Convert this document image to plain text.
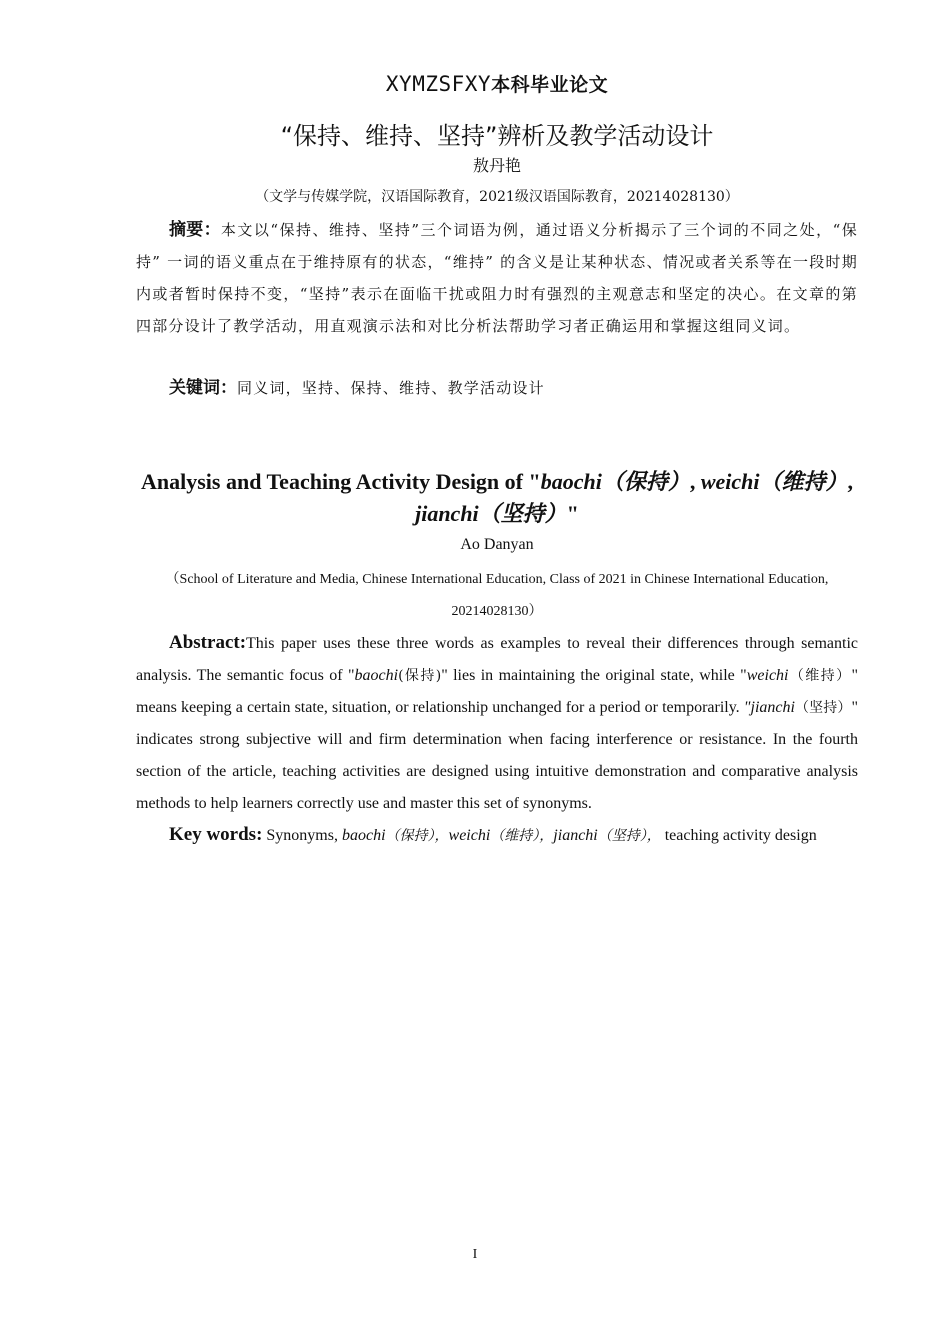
XYMZSFXY本科毕业论文
“保持、维持、坚持”辨析及教学活动设计
敖丹艳
（文学与传媒学院，汉语国际教育，2021级汉语国际教育，20214028130）
摘要：本文以“保持、维持、坚持”三个词语为例，通过语义分析揭示了三个词的不同之处，“保持” 一词的语义重点在于维持原有的状态，“维持” 的含义是让某种状态、情况或者关系等在一段时期内或者暂时保持不变，“坚持”表示在面临干扰或阻力时有强烈的主观意志和坚定的决心。在文章的第四部分设计了教学活动，用直观演示法和对比分析法帮助学习者正确运用和掌握这组同义词。
关键词：同义词，坚持、保持、维持、教学活动设计
Analysis and Teaching Activity Design of "baochi（保持）, weichi（维持）, jianchi（坚持）"
Ao Danyan
（School of Literature and Media, Chinese International Education, Class of 2021 in Chinese International Education, 20214028130）
Abstract:This paper uses these three words as examples to reveal their differences through semantic analysis. The semantic focus of "baochi(保持)" lies in maintaining the original state, while "weichi（维持）" means keeping a certain state, situation, or relationship unchanged for a period or temporarily. "jianchi（坚持）" indicates strong subjective will and firm determination when facing interference or resistance. In the fourth section of the article, teaching activities are designed using intuitive demonstration and comparative analysis methods to help learners correctly use and master this set of synonyms.
Key words: Synonyms, baochi（保持），weichi（维持），jianchi（坚持）， teaching activity design
I
